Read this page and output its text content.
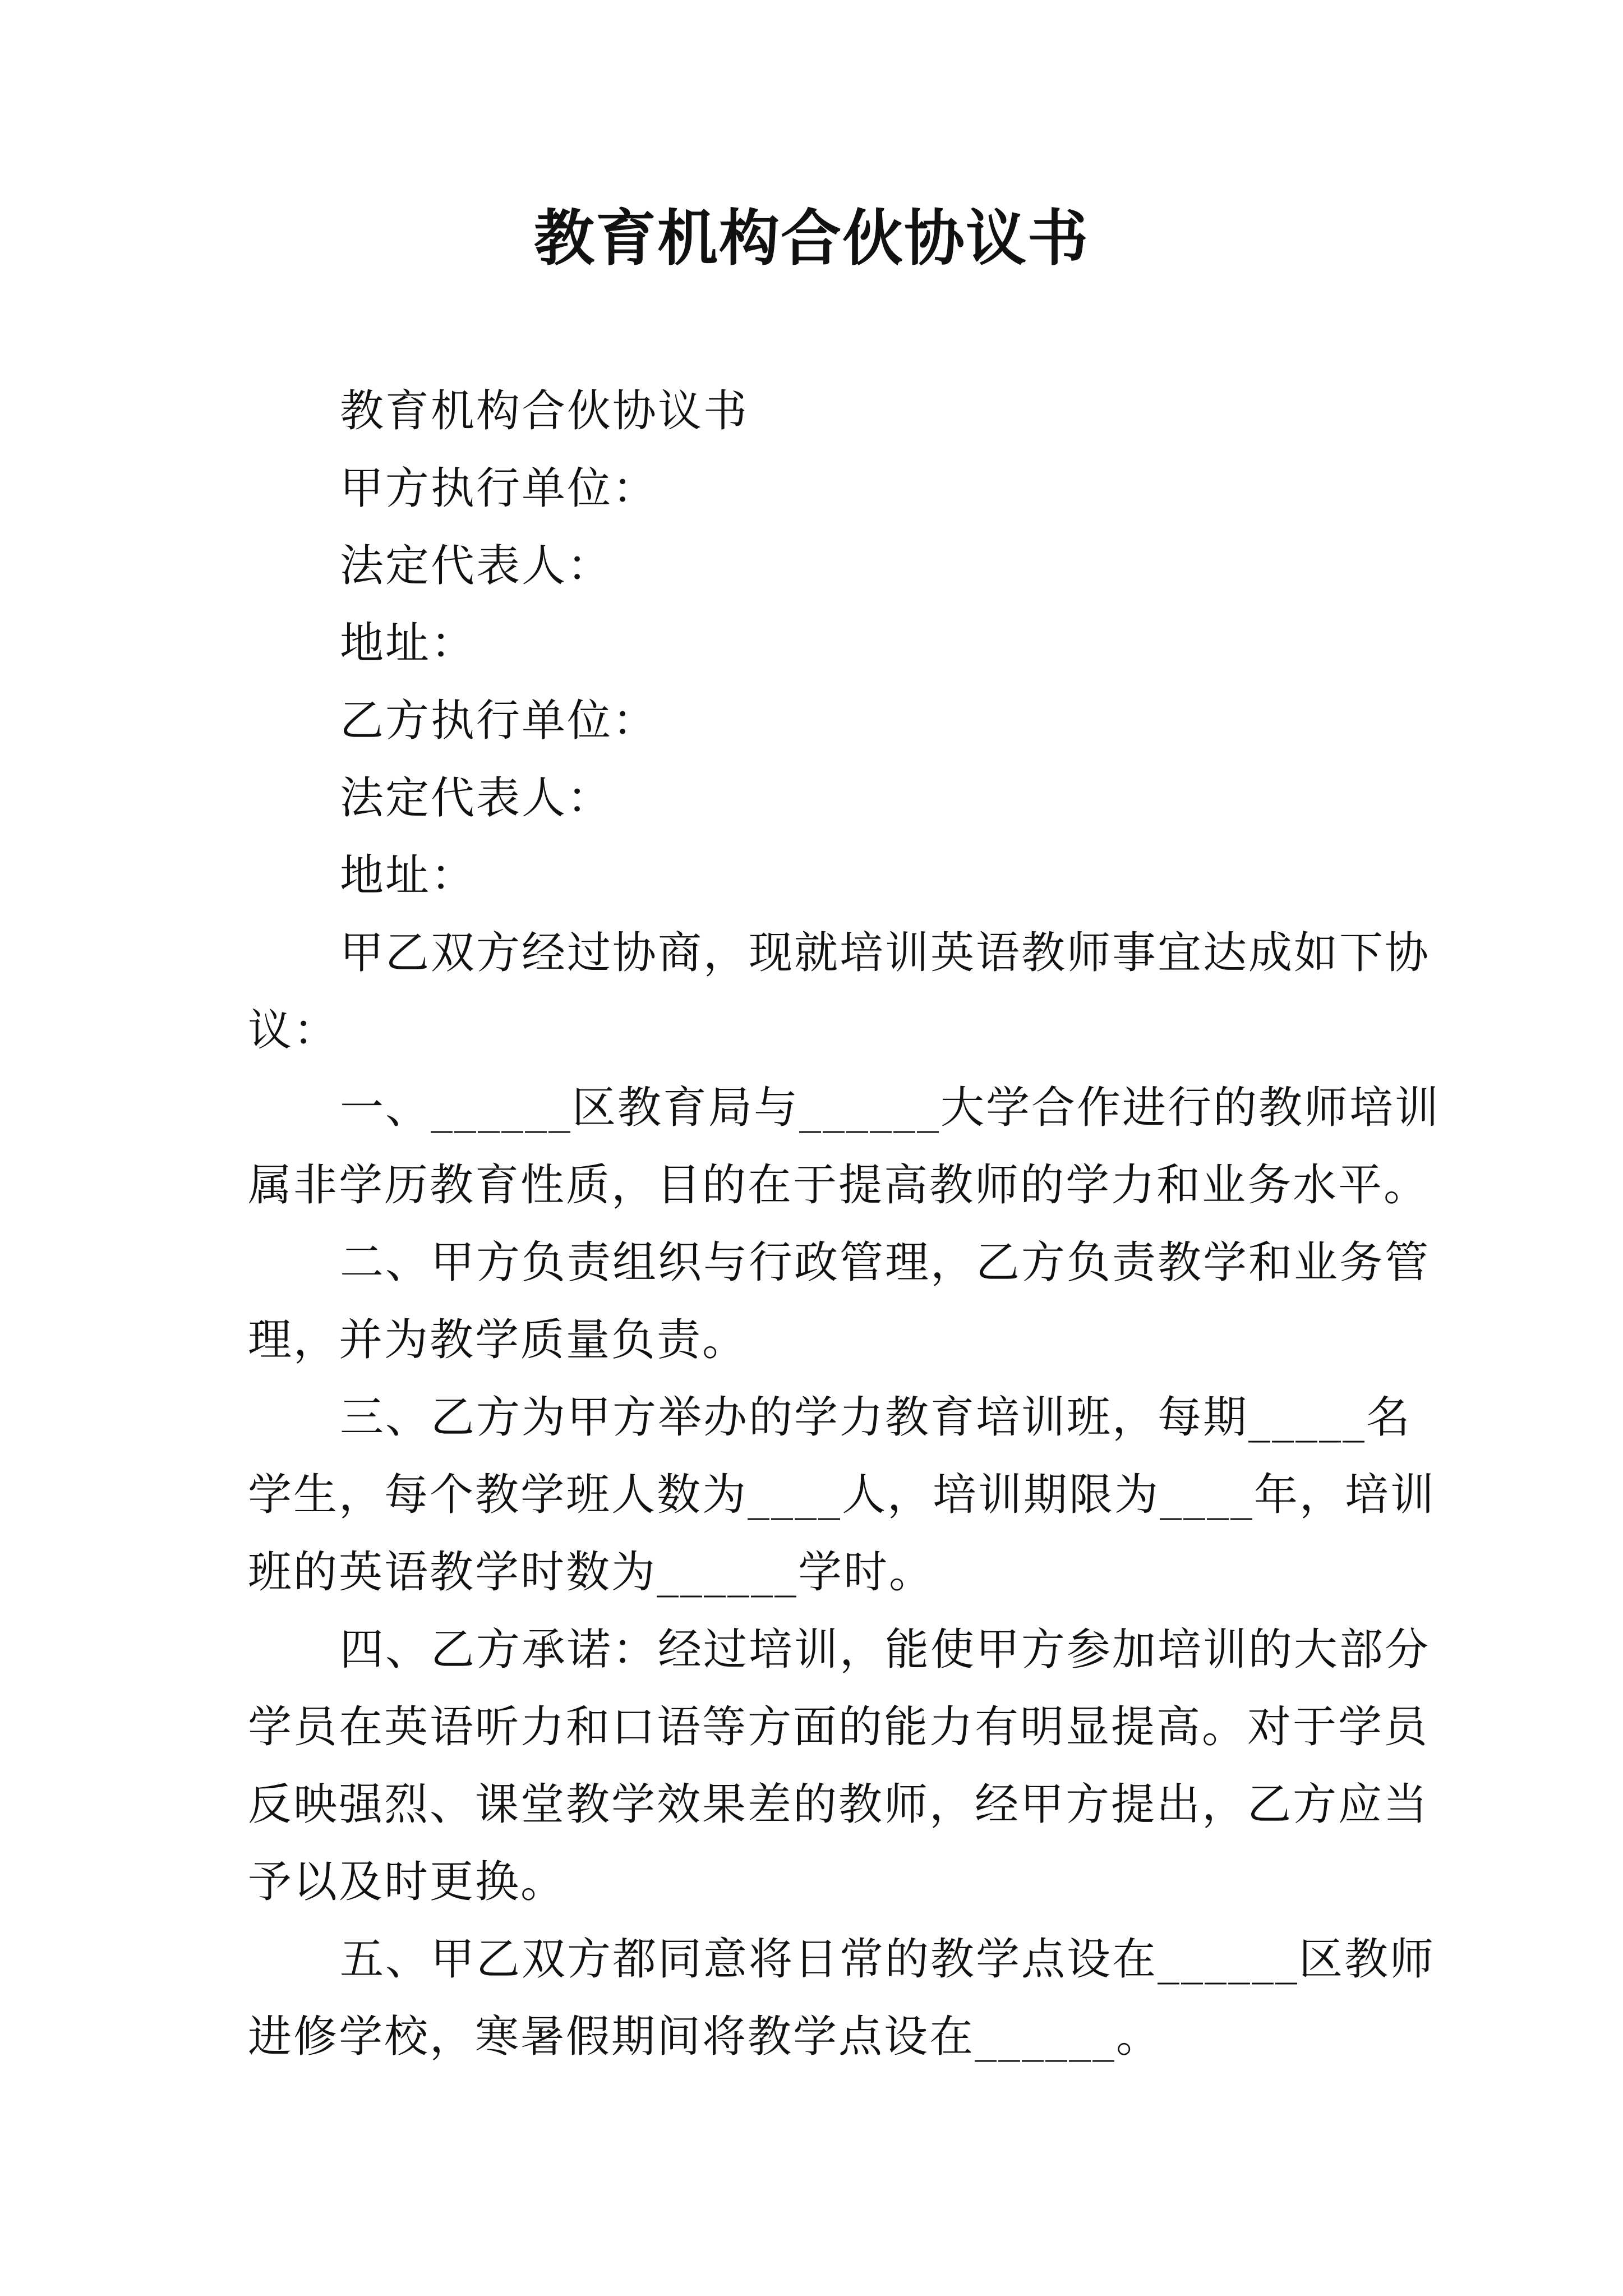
教育机构合伙协议书

教育机构合伙协议书

甲方执行单位：

法定代表人：

地址：

乙方执行单位：

法定代表人：

地址：

甲乙双方经过协商，现就培训英语教师事宜达成如下协

议：

一、______区教育局与______大学合作进行的教师培训

属非学历教育性质，目的在于提高教师的学力和业务水平。

二、甲方负责组织与行政管理，乙方负责教学和业务管

理，并为教学质量负责。

三、乙方为甲方举办的学力教育培训班，每期_____名

学生，每个教学班人数为____人，培训期限为____年，培训

班的英语教学时数为______学时。

四、乙方承诺：经过培训，能使甲方参加培训的大部分

学员在英语听力和口语等方面的能力有明显提高。对于学员

反映强烈、课堂教学效果差的教师，经甲方提出，乙方应当

予以及时更换。

五、甲乙双方都同意将日常的教学点设在______区教师

进修学校，寒暑假期间将教学点设在______。
